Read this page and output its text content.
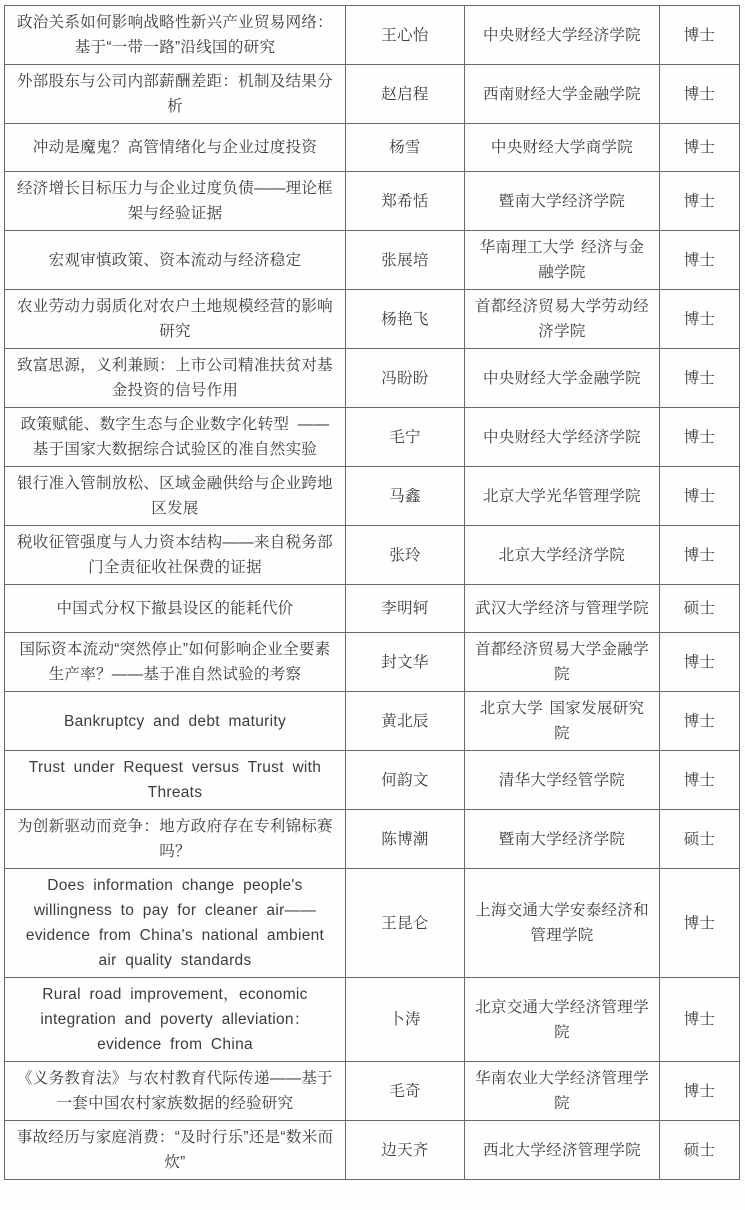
政治关系如何影响战略性新兴产业贸易网络：基于“一带一路”沿线国的研究	王心怡	中央财经大学经济学院	博士
外部股东与公司内部薪酬差距：机制及结果分析	赵启程	西南财经大学金融学院	博士
冲动是魔鬼？高管情绪化与企业过度投资	杨雪	中央财经大学商学院	博士
经济增长目标压力与企业过度负债——理论框架与经验证据	郑希恬	暨南大学经济学院	博士
宏观审慎政策、资本流动与经济稳定	张展培	华南理工大学 经济与金融学院	博士
农业劳动力弱质化对农户土地规模经营的影响研究	杨艳飞	首都经济贸易大学劳动经济学院	博士
致富思源，义利兼顾：上市公司精准扶贫对基金投资的信号作用	冯盼盼	中央财经大学金融学院	博士
政策赋能、数字生态与企业数字化转型 ——基于国家大数据综合试验区的准自然实验	毛宁	中央财经大学经济学院	博士
银行准入管制放松、区域金融供给与企业跨地区发展	马鑫	北京大学光华管理学院	博士
税收征管强度与人力资本结构——来自税务部门全责征收社保费的证据	张玲	北京大学经济学院	博士
中国式分权下撤县设区的能耗代价	李明轲	武汉大学经济与管理学院	硕士
国际资本流动“突然停止”如何影响企业全要素生产率？——基于准自然试验的考察	封文华	首都经济贸易大学金融学院	博士
Bankruptcy and debt maturity	黄北辰	北京大学 国家发展研究院	博士
Trust under Request versus Trust with Threats	何韵文	清华大学经管学院	博士
为创新驱动而竞争：地方政府存在专利锦标赛吗？	陈博潮	暨南大学经济学院	硕士
Does information change people's willingness to pay for cleaner air——evidence from China's national ambient air quality standards	王昆仑	上海交通大学安泰经济和管理学院	博士
Rural road improvement，economic integration and poverty alleviation：evidence from China	卜涛	北京交通大学经济管理学院	博士
《义务教育法》与农村教育代际传递——基于一套中国农村家族数据的经验研究	毛奇	华南农业大学经济管理学院	博士
事故经历与家庭消费：“及时行乐”还是“数米而炊”	边天齐	西北大学经济管理学院	硕士
